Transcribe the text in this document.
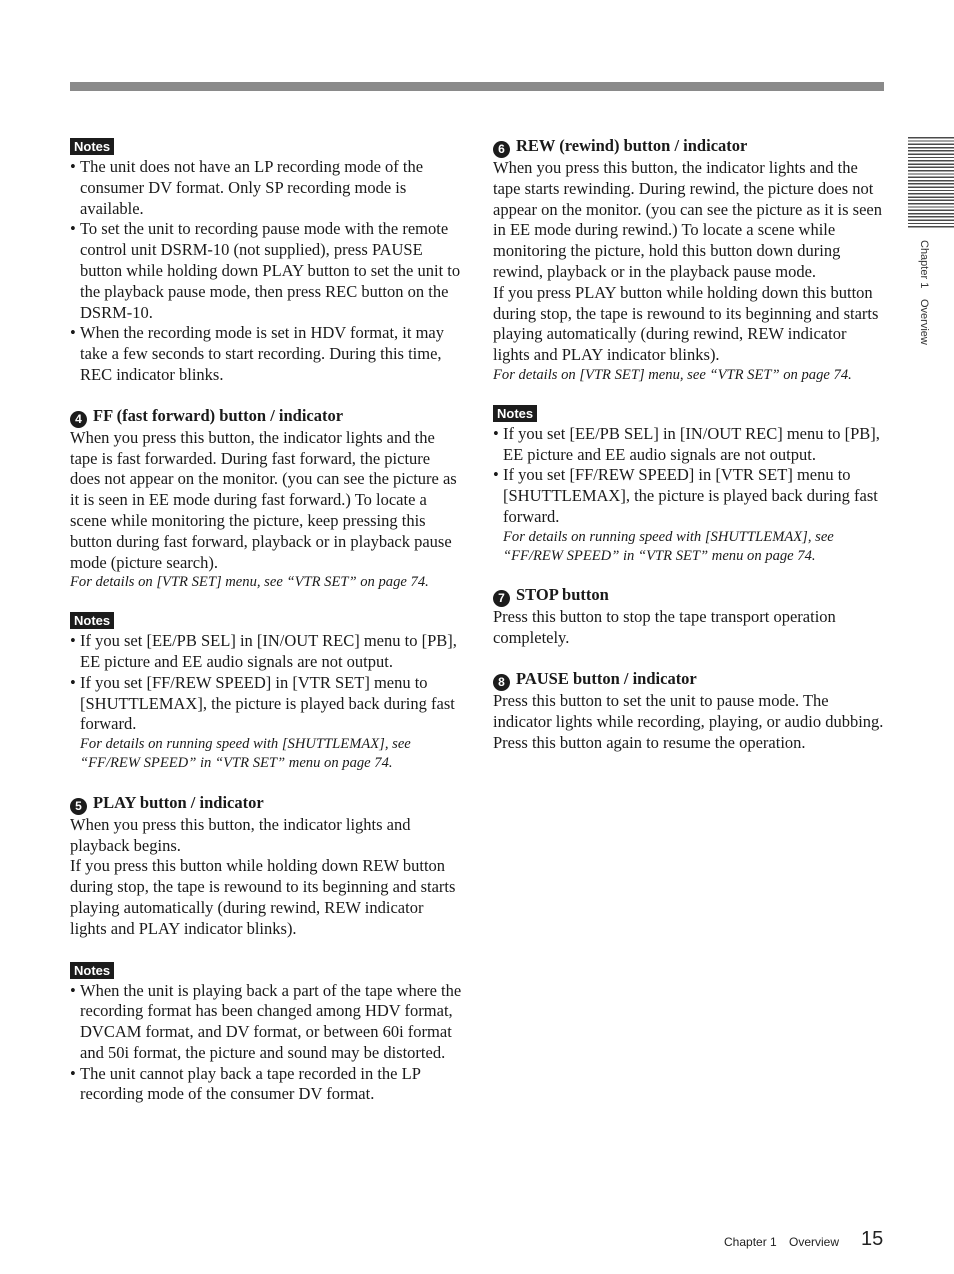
Chapter 1 Overview
Notes
• The unit does not have an LP recording mode of the consumer DV format. Only SP recording mode is available.
• To set the unit to recording pause mode with the remote control unit DSRM-10 (not supplied), press PAUSE button while holding down PLAY button to set the unit to the playback pause mode, then press REC button on the DSRM-10.
• When the recording mode is set in HDV format, it may take a few seconds to start recording. During this time, REC indicator blinks.

4 FF (fast forward) button / indicator

When you press this button, the indicator lights and the tape is fast forwarded. During fast forward, the picture does not appear on the monitor. (you can see the picture as it is seen in EE mode during fast forward.) To locate a scene while monitoring the picture, keep pressing this button during fast forward, playback or in playback pause mode (picture search).

For details on [VTR SET] menu, see “VTR SET” on page 74.

Notes
• If you set [EE/PB SEL] in [IN/OUT REC] menu to [PB], EE picture and EE audio signals are not output.
• If you set [FF/REW SPEED] in [VTR SET] menu to [SHUTTLEMAX], the picture is played back during fast forward.

For details on running speed with [SHUTTLEMAX], see “FF/REW SPEED” in “VTR SET” menu on page 74.

5 PLAY button / indicator

When you press this button, the indicator lights and playback begins.

If you press this button while holding down REW button during stop, the tape is rewound to its beginning and starts playing automatically (during rewind, REW indicator lights and PLAY indicator blinks).

Notes
• When the unit is playing back a part of the tape where the recording format has been changed among HDV format, DVCAM format, and DV format, or between 60i format and 50i format, the picture and sound may be distorted.
• The unit cannot play back a tape recorded in the LP recording mode of the consumer DV format.

6 REW (rewind) button / indicator

When you press this button, the indicator lights and the tape starts rewinding. During rewind, the picture does not appear on the monitor. (you can see the picture as it is seen in EE mode during rewind.) To locate a scene while monitoring the picture, hold this button down during rewind, playback or in the playback pause mode.

If you press PLAY button while holding down this button during stop, the tape is rewound to its beginning and starts playing automatically (during rewind, REW indicator lights and PLAY indicator blinks).

For details on [VTR SET] menu, see “VTR SET” on page 74.

Notes
• If you set [EE/PB SEL] in [IN/OUT REC] menu to [PB], EE picture and EE audio signals are not output.
• If you set [FF/REW SPEED] in [VTR SET] menu to [SHUTTLEMAX], the picture is played back during fast forward.

For details on running speed with [SHUTTLEMAX], see “FF/REW SPEED” in “VTR SET” menu on page 74.

7 STOP button

Press this button to stop the tape transport operation completely.

8 PAUSE button / indicator

Press this button to set the unit to pause mode. The indicator lights while recording, playing, or audio dubbing. Press this button again to resume the operation.

Chapter 1 Overview 15
